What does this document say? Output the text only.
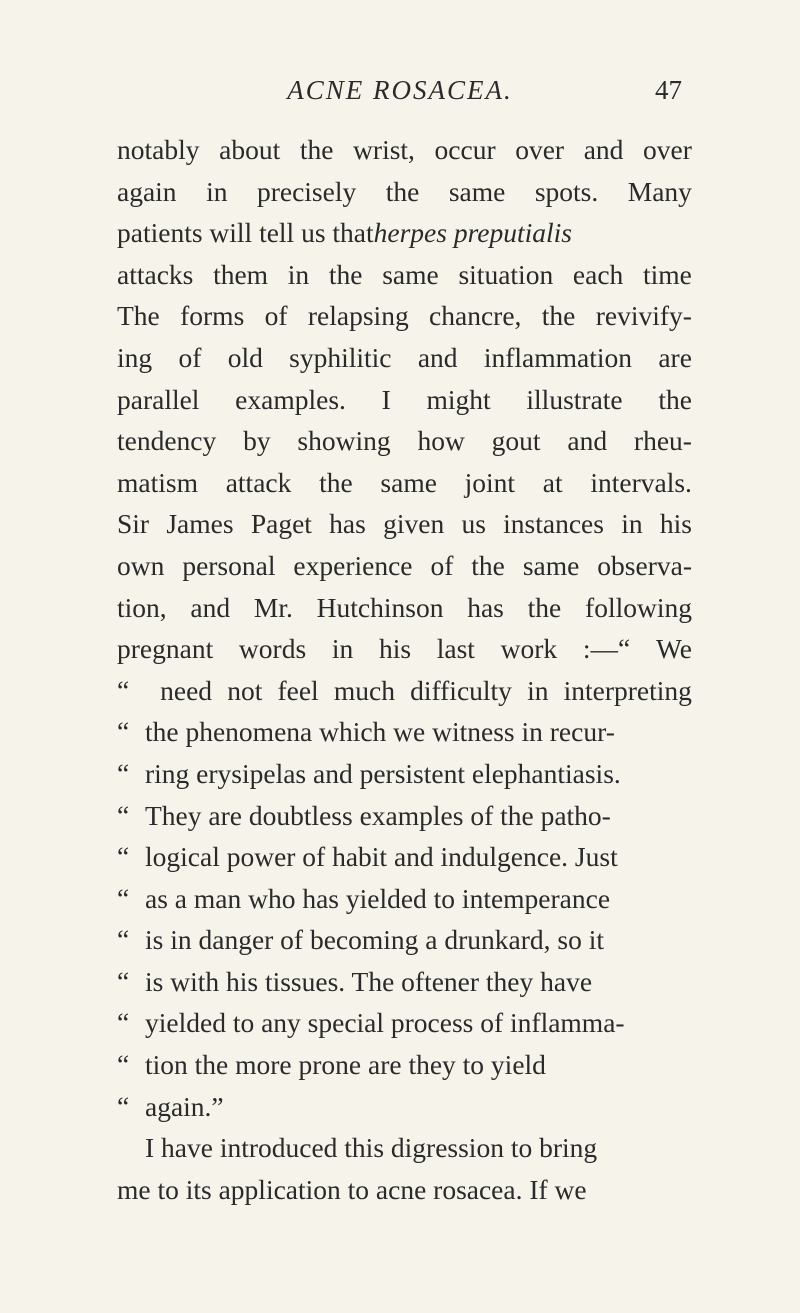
ACNE ROSACEA.	47
notably about the wrist, occur over and over
again in precisely the same spots. Many
patients will tell us that herpes preputialis
attacks them in the same situation each time
The forms of relapsing chancre, the revivify-
ing of old syphilitic and inflammation are
parallel examples. I might illustrate the
tendency by showing how gout and rheu-
matism attack the same joint at intervals.
Sir James Paget has given us instances in his
own personal experience of the same observa-
tion, and Mr. Hutchinson has the following
pregnant words in his last work :—“ We
“	need not feel much difficulty in interpreting
“ the phenomena which we witness in recur-
“ ring erysipelas and persistent elephantiasis.
“ They are doubtless examples of the patho-
“ logical power of habit and indulgence. Just
“ as a man who has yielded to intemperance
“ is in danger of becoming a drunkard, so it
“ is with his tissues. The oftener they have
“ yielded to any special process of inflamma-
“ tion the more prone are they to yield
“ again.”
I have introduced this digression to bring
me to its application to acne rosacea. If we
